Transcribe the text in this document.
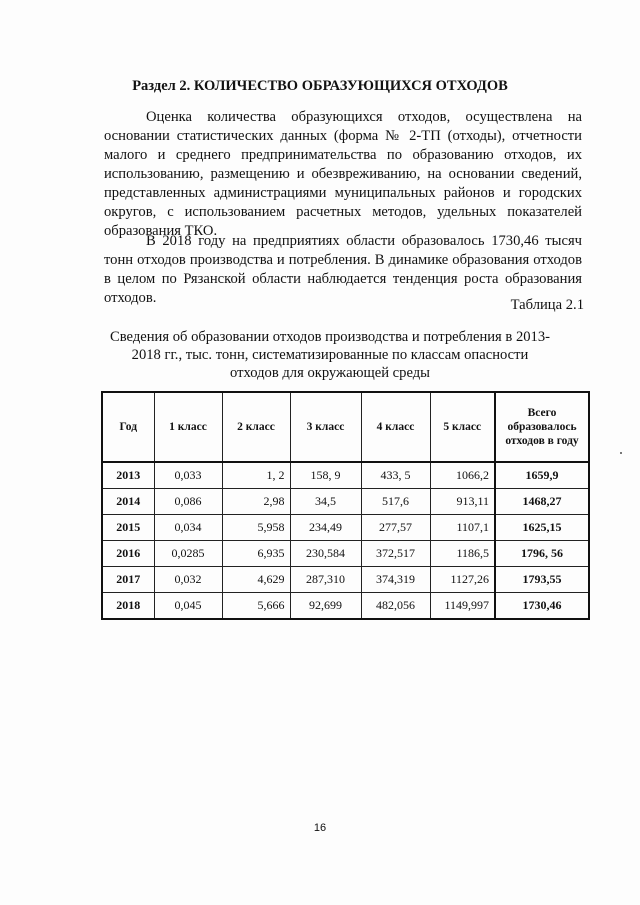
Раздел 2. КОЛИЧЕСТВО ОБРАЗУЮЩИХСЯ ОТХОДОВ

Оценка количества образующихся отходов, осуществлена на основании статистических данных (форма № 2-ТП (отходы), отчетности малого и среднего предпринимательства по образованию отходов, их использованию, размещению и обезвреживанию, на основании сведений, представленных администрациями муниципальных районов и городских округов, с использованием расчетных методов, удельных показателей образования ТКО.

В 2018 году на предприятиях области образовалось 1730,46 тысяч тонн отходов производства и потребления. В динамике образования отходов в целом по Рязанской области наблюдается тенденция роста образования отходов.	Таблица 2.1
Сведения об образовании отходов производства и потребления в 2013-2018 гг., тыс. тонн, систематизированные по классам опасности отходов для окружающей среды
Год	1 класс	2 класс	3 класс	4 класс	5 класс	Всего образовалось отходов в году
2013	0,033	1, 2	158, 9	433, 5	1066,2	1659,9
2014	0,086	2,98	34,5	517,6	913,11	1468,27
2015	0,034	5,958	234,49	277,57	1107,1	1625,15
2016	0,0285	6,935	230,584	372,517	1186,5	1796, 56
2017	0,032	4,629	287,310	374,319	1127,26	1793,55
2018	0,045	5,666	92,699	482,056	1149,997	1730,46
16
